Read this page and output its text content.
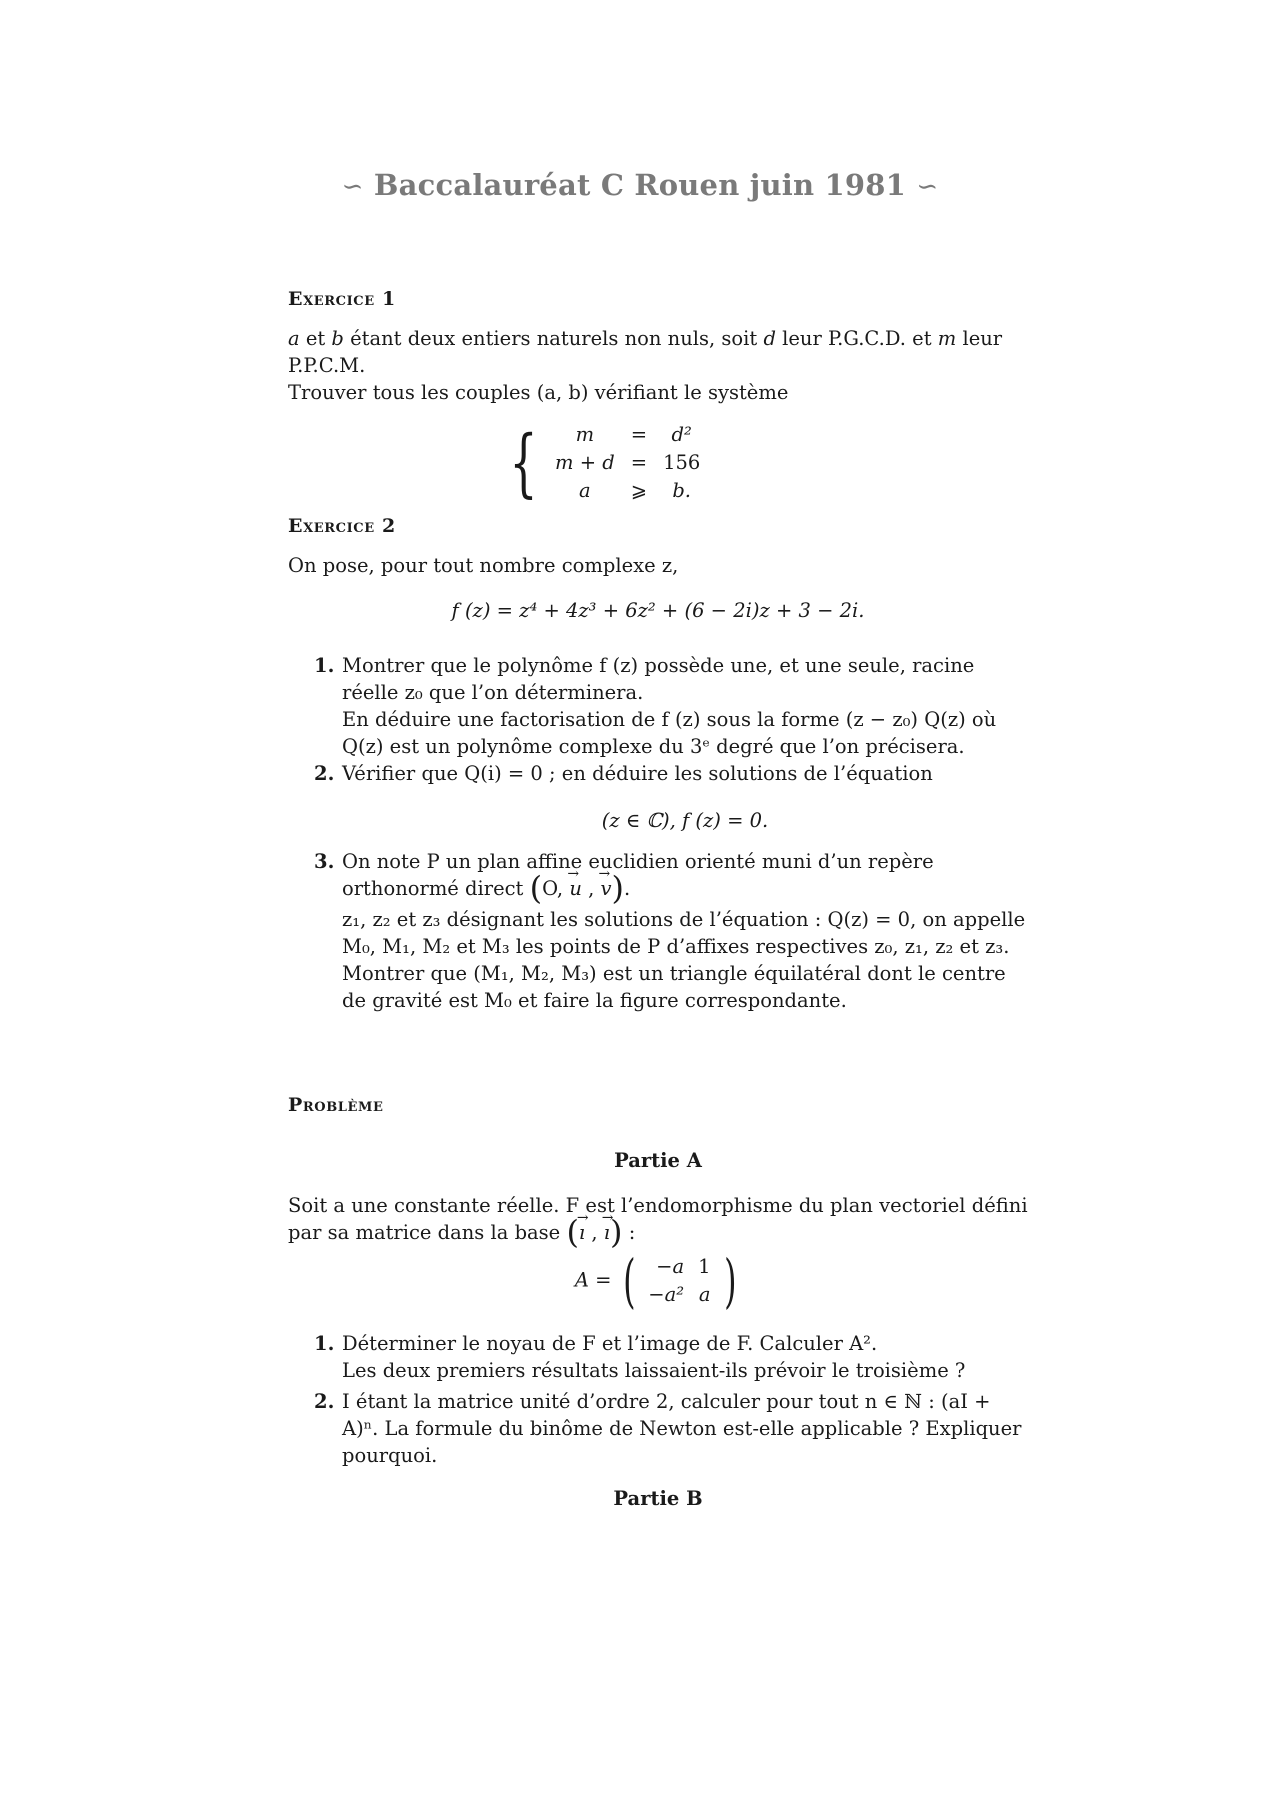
∽ Baccalauréat C Rouen juin 1981 ∽
Exercice 1
a et b étant deux entiers naturels non nuls, soit d leur P.G.C.D. et m leur P.P.C.M.
Trouver tous les couples (a, b) vérifiant le système
{ m	=	d²
m + d	=	156
a	⩾	b.
Exercice 2
On pose, pour tout nombre complexe z,
f (z) = z⁴ + 4z³ + 6z² + (6 − 2i)z + 3 − 2i.
1. Montrer que le polynôme f (z) possède une, et une seule, racine réelle z₀ que l’on déterminera.
En déduire une factorisation de f (z) sous la forme (z − z₀) Q(z) où Q(z) est un polynôme complexe du 3ᵉ degré que l’on précisera.
2. Vérifier que Q(i) = 0 ; en déduire les solutions de l’équation
(z ∈ ℂ), f (z) = 0.
3. On note P un plan affine euclidien orienté muni d’un repère orthonormé direct (O, → u , → v).
z₁, z₂ et z₃ désignant les solutions de l’équation : Q(z) = 0, on appelle M₀, M₁, M₂ et M₃ les points de P d’affixes respectives z₀, z₁, z₂ et z₃.
Montrer que (M₁, M₂, M₃) est un triangle équilatéral dont le centre de gravité est M₀ et faire la figure correspondante.
Problème
Partie A
Soit a une constante réelle. F est l’endomorphisme du plan vectoriel défini par sa matrice dans la base (→ ı , → ı) :
A = ( −a	1
−a²	a )
1. Déterminer le noyau de F et l’image de F. Calculer A².
Les deux premiers résultats laissaient-ils prévoir le troisième ?
2. I étant la matrice unité d’ordre 2, calculer pour tout n ∈ ℕ : (aI + A)ⁿ. La formule du binôme de Newton est-elle applicable ? Expliquer pourquoi.
Partie B
